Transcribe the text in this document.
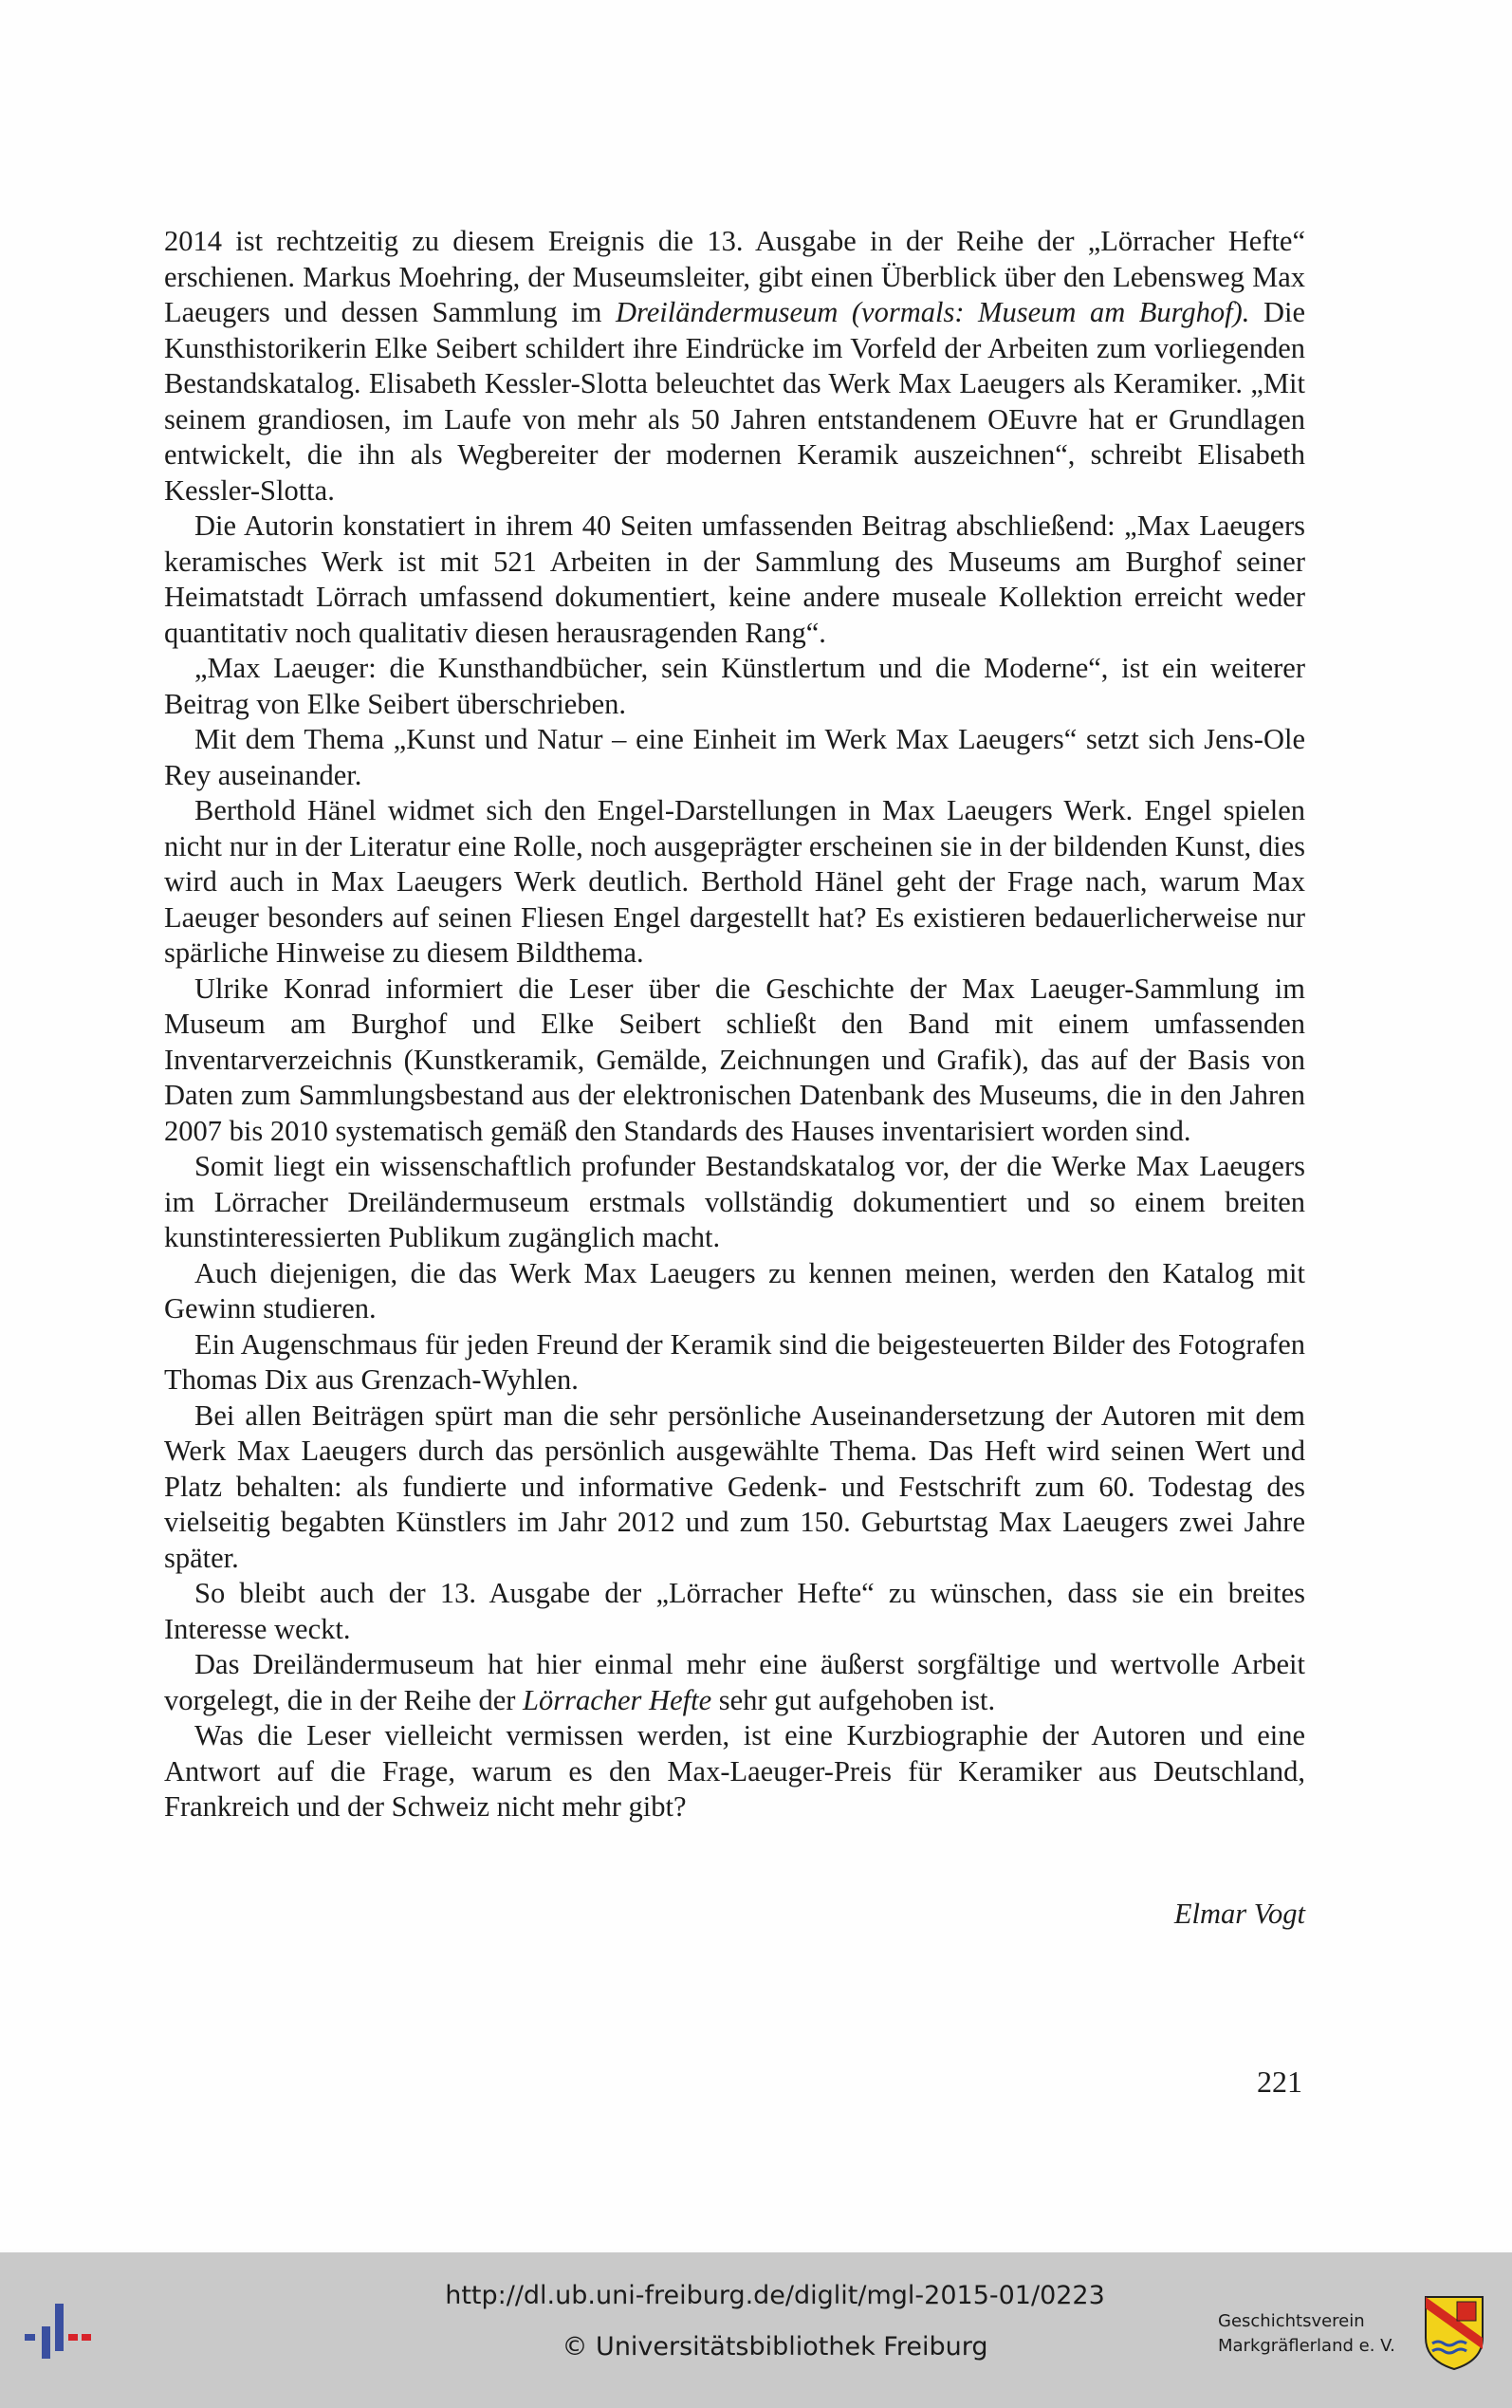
2014 ist rechtzeitig zu diesem Ereignis die 13. Ausgabe in der Reihe der „Lörracher Hefte“ erschienen. Markus Moehring, der Museumsleiter, gibt einen Überblick über den Lebensweg Max Laeugers und dessen Sammlung im Dreiländermuseum (vormals: Museum am Burghof). Die Kunsthistorikerin Elke Seibert schildert ihre Eindrücke im Vorfeld der Arbeiten zum vorliegenden Bestandskatalog. Elisabeth Kessler-Slotta beleuchtet das Werk Max Laeugers als Keramiker. „Mit seinem grandiosen, im Laufe von mehr als 50 Jahren entstandenem OEuvre hat er Grundlagen entwickelt, die ihn als Wegbereiter der modernen Keramik auszeichnen“, schreibt Elisabeth Kessler-Slotta.

Die Autorin konstatiert in ihrem 40 Seiten umfassenden Beitrag abschließend: „Max Laeugers keramisches Werk ist mit 521 Arbeiten in der Sammlung des Museums am Burghof seiner Heimatstadt Lörrach umfassend dokumentiert, keine andere museale Kollektion erreicht weder quantitativ noch qualitativ diesen herausragenden Rang“.

„Max Laeuger: die Kunsthandbücher, sein Künstlertum und die Moderne“, ist ein weiterer Beitrag von Elke Seibert überschrieben.

Mit dem Thema „Kunst und Natur – eine Einheit im Werk Max Laeugers“ setzt sich Jens-Ole Rey auseinander.

Berthold Hänel widmet sich den Engel-Darstellungen in Max Laeugers Werk. Engel spielen nicht nur in der Literatur eine Rolle, noch ausgeprägter erscheinen sie in der bildenden Kunst, dies wird auch in Max Laeugers Werk deutlich. Berthold Hänel geht der Frage nach, warum Max Laeuger besonders auf seinen Fliesen Engel dargestellt hat? Es existieren bedauerlicherweise nur spärliche Hinweise zu diesem Bildthema.

Ulrike Konrad informiert die Leser über die Geschichte der Max Laeuger-Sammlung im Museum am Burghof und Elke Seibert schließt den Band mit einem umfassenden Inventarverzeichnis (Kunstkeramik, Gemälde, Zeichnungen und Grafik), das auf der Basis von Daten zum Sammlungsbestand aus der elektronischen Datenbank des Museums, die in den Jahren 2007 bis 2010 systematisch gemäß den Standards des Hauses inventarisiert worden sind.

Somit liegt ein wissenschaftlich profunder Bestandskatalog vor, der die Werke Max Laeugers im Lörracher Dreiländermuseum erstmals vollständig dokumentiert und so einem breiten kunstinteressierten Publikum zugänglich macht.

Auch diejenigen, die das Werk Max Laeugers zu kennen meinen, werden den Katalog mit Gewinn studieren.

Ein Augenschmaus für jeden Freund der Keramik sind die beigesteuerten Bilder des Fotografen Thomas Dix aus Grenzach-Wyhlen.

Bei allen Beiträgen spürt man die sehr persönliche Auseinandersetzung der Autoren mit dem Werk Max Laeugers durch das persönlich ausgewählte Thema. Das Heft wird seinen Wert und Platz behalten: als fundierte und informative Gedenk- und Festschrift zum 60. Todestag des vielseitig begabten Künstlers im Jahr 2012 und zum 150. Geburtstag Max Laeugers zwei Jahre später.

So bleibt auch der 13. Ausgabe der „Lörracher Hefte“ zu wünschen, dass sie ein breites Interesse weckt.

Das Dreiländermuseum hat hier einmal mehr eine äußerst sorgfältige und wertvolle Arbeit vorgelegt, die in der Reihe der Lörracher Hefte sehr gut aufgehoben ist.

Was die Leser vielleicht vermissen werden, ist eine Kurzbiographie der Autoren und eine Antwort auf die Frage, warum es den Max-Laeuger-Preis für Keramiker aus Deutschland, Frankreich und der Schweiz nicht mehr gibt?

Elmar Vogt
221
http://dl.ub.uni-freiburg.de/diglit/mgl-2015-01/0223
© Universitätsbibliothek Freiburg
Geschichtsverein
Markgräflerland e. V.
